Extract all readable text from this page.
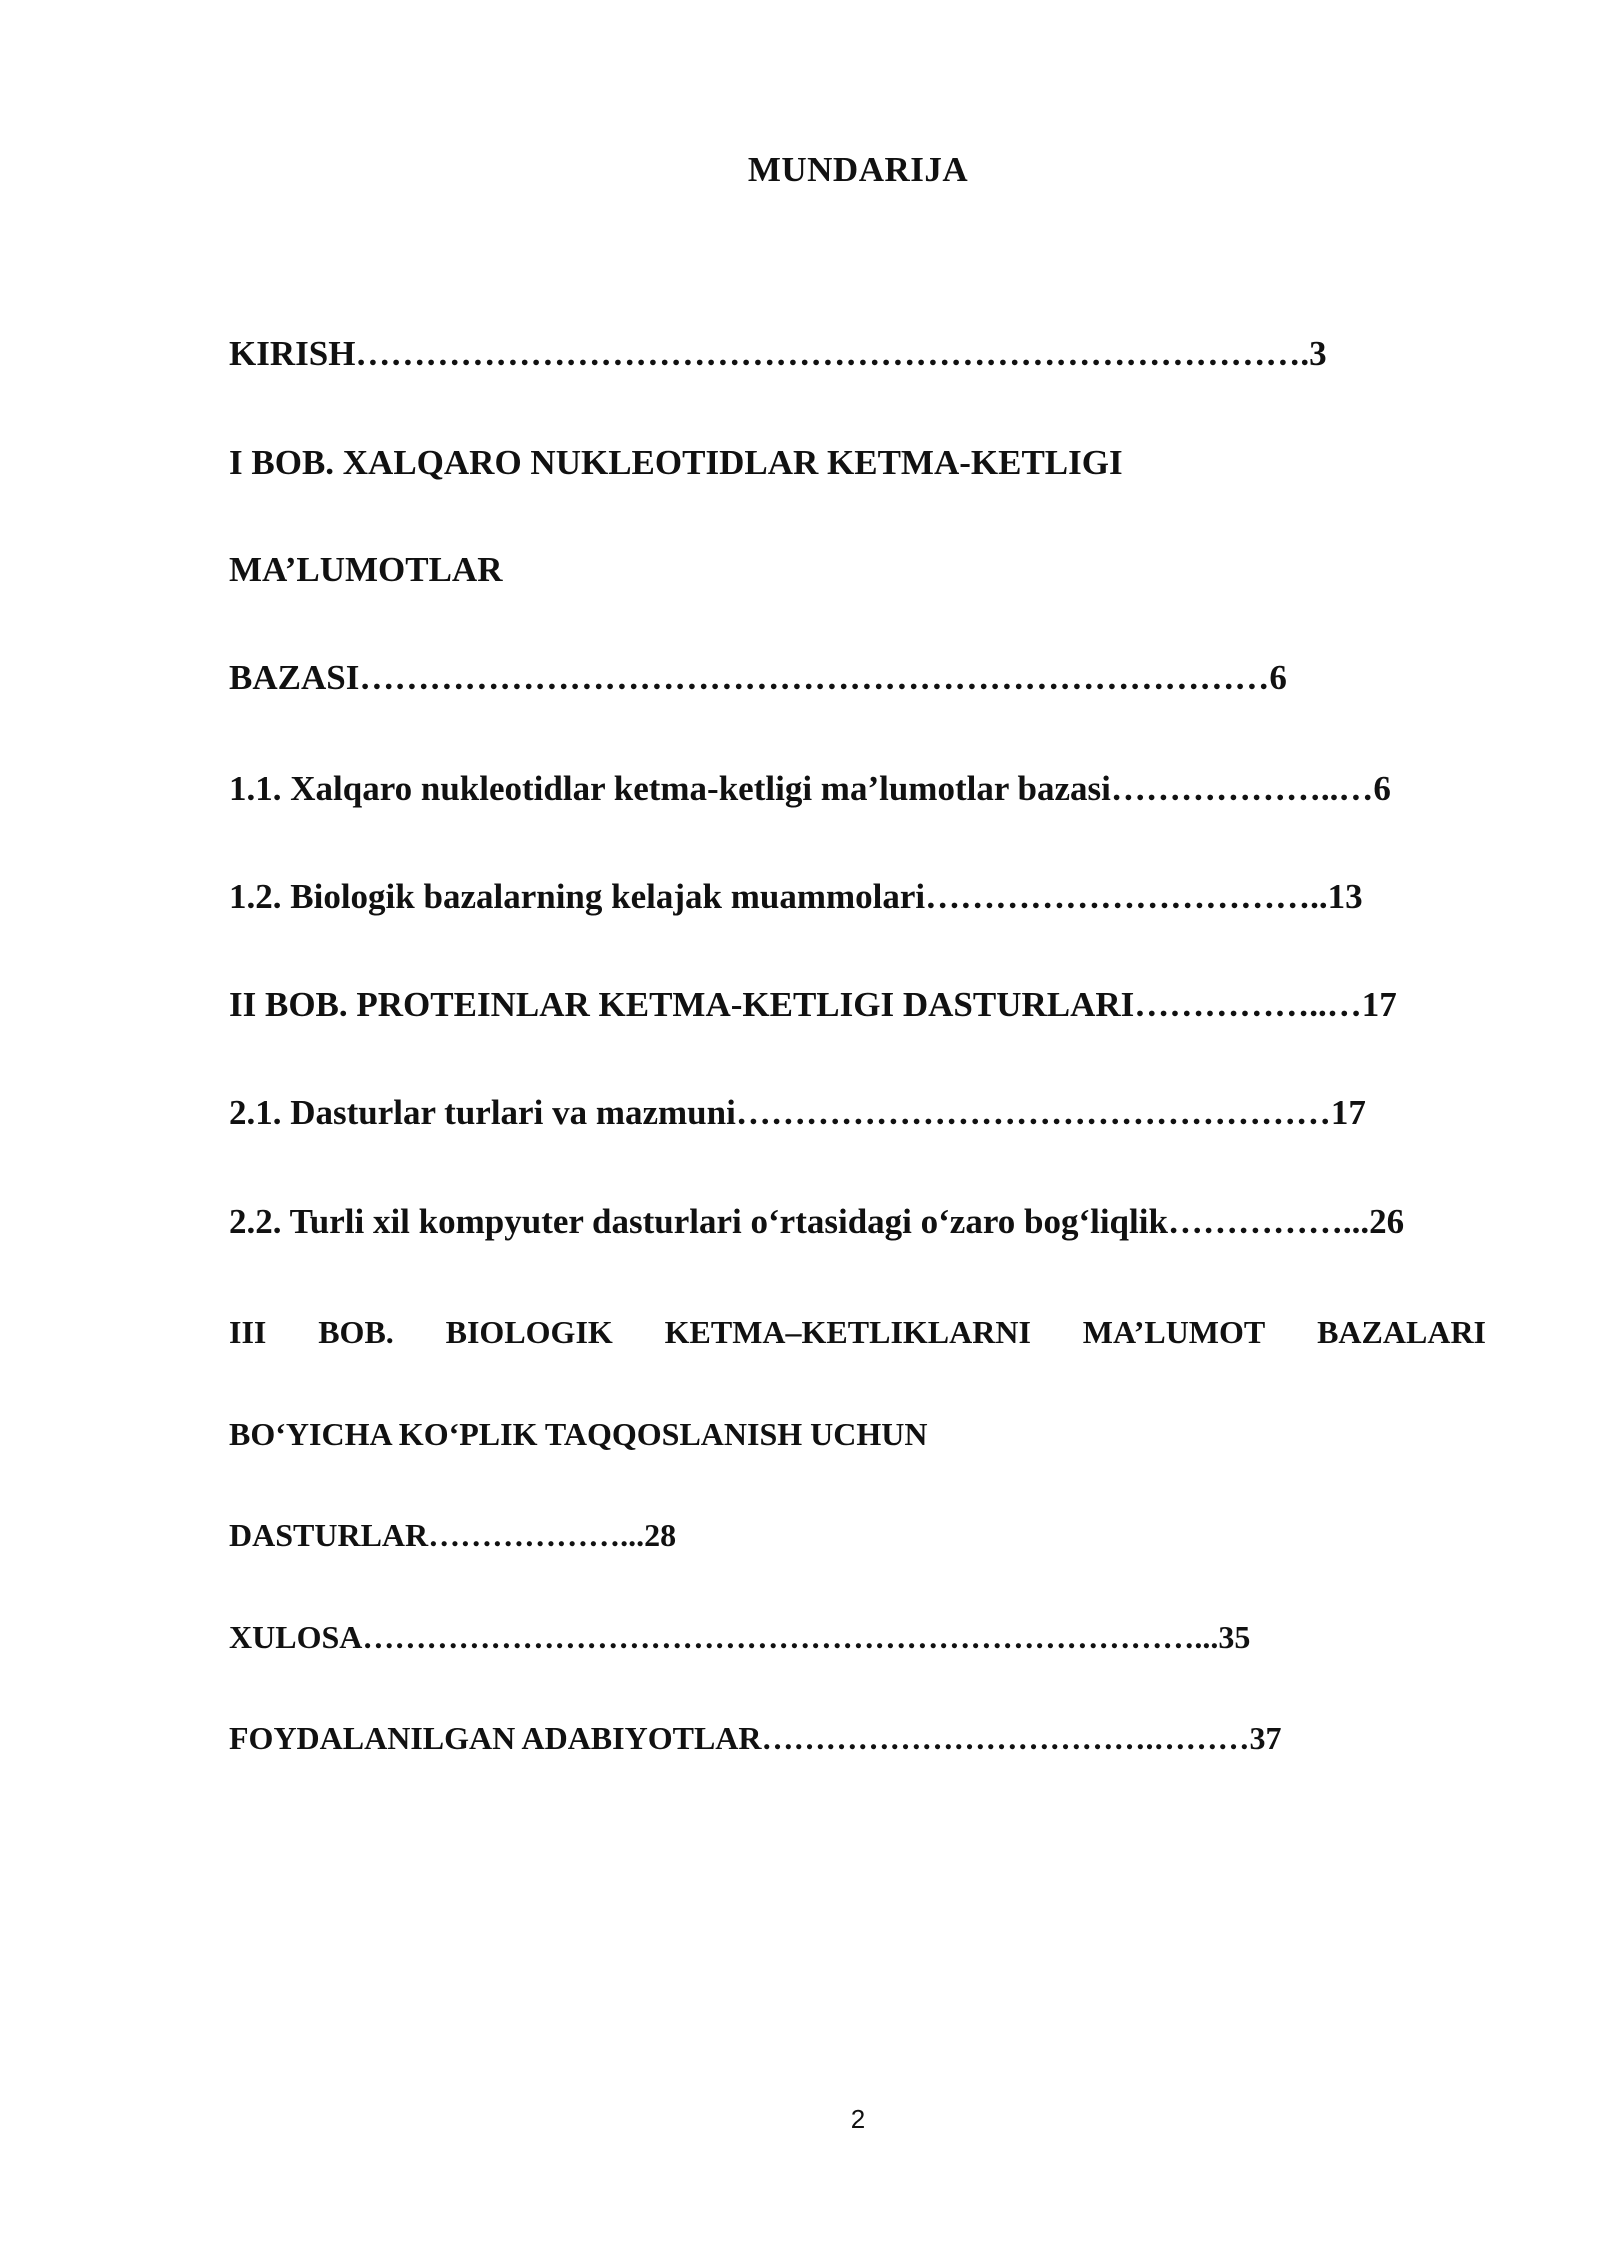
MUNDARIJA
KIRISH……………………………………………………………………….3
I BOB. XALQARO NUKLEOTIDLAR KETMA-KETLIGI
MA’LUMOTLAR
BAZASI……………………………………………………………………6
1.1. Xalqaro nukleotidlar ketma-ketligi ma’lumotlar bazasi………………..…6
1.2. Biologik bazalarning kelajak muammolari……………………………..13
II BOB. PROTEINLAR KETMA-KETLIGI DASTURLARI……………..…17
2.1. Dasturlar turlari va mazmuni……………………………………………17
2.2. Turli xil kompyuter dasturlari o‘rtasidagi o‘zaro bog‘liqlik……………...26
III BOB. BIOLOGIK KETMA–KETLIKLARNI MA’LUMOT BAZALARI
BO‘YICHA KO‘PLIK TAQQOSLANISH UCHUN
DASTURLAR………………...28
XULOSA……………………………………………………………………...35
FOYDALANILGAN ADABIYOTLAR……………………………….………37
2
